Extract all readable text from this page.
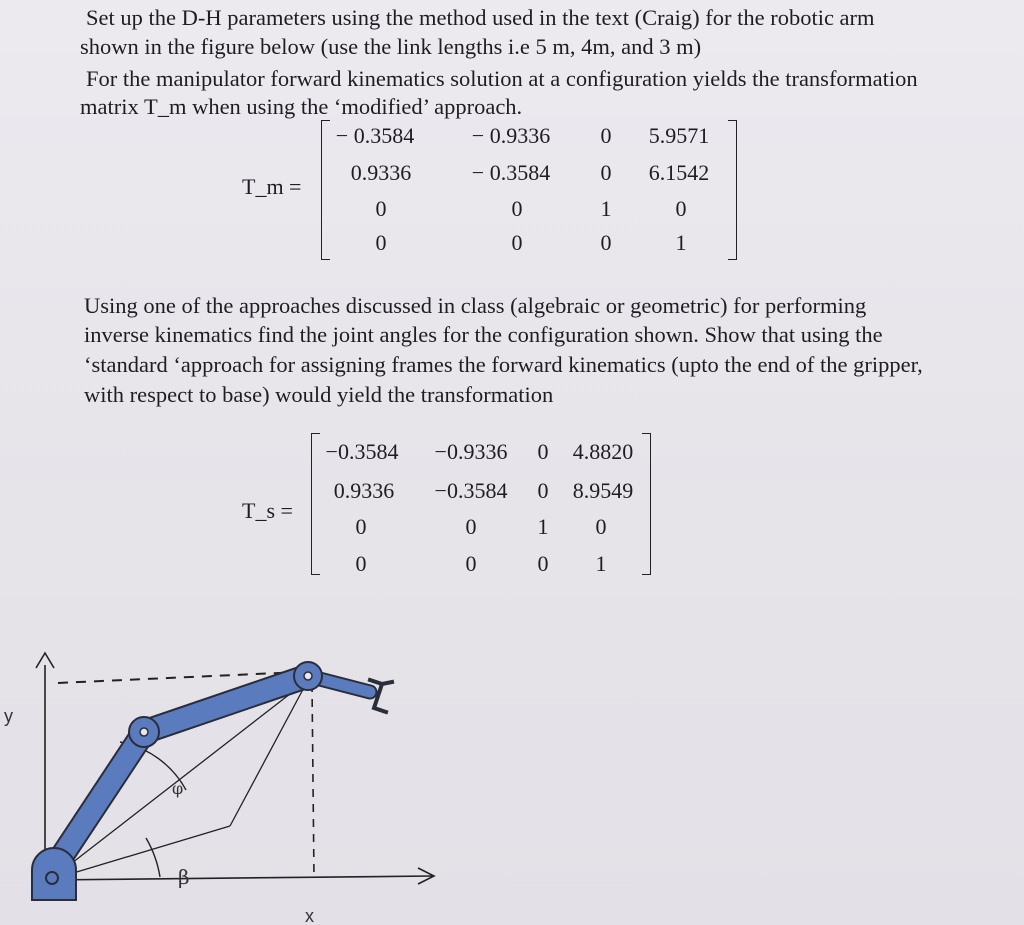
Set up the D-H parameters using the method used in the text (Craig) for the robotic arm
shown in the figure below (use the link lengths i.e 5 m, 4m, and 3 m)
For the manipulator forward kinematics solution at a configuration yields the transformation
matrix T_m when using the ‘modified’ approach.
T_m =
− 0.3584	− 0.9336	0	5.9571
0.9336	− 0.3584	0	6.1542
0	0	1	0
0	0	0	1
Using one of the approaches discussed in class (algebraic or geometric) for performing
inverse kinematics find the joint angles for the configuration shown. Show that using the
‘standard ‘approach for assigning frames the forward kinematics (upto the end of the gripper,
with respect to base) would yield the transformation
T_s =
−0.3584	−0.9336	0	4.8820
0.9336	−0.3584	0	8.9549
0	0	1	0
0	0	0	1
β
φ
y
x
